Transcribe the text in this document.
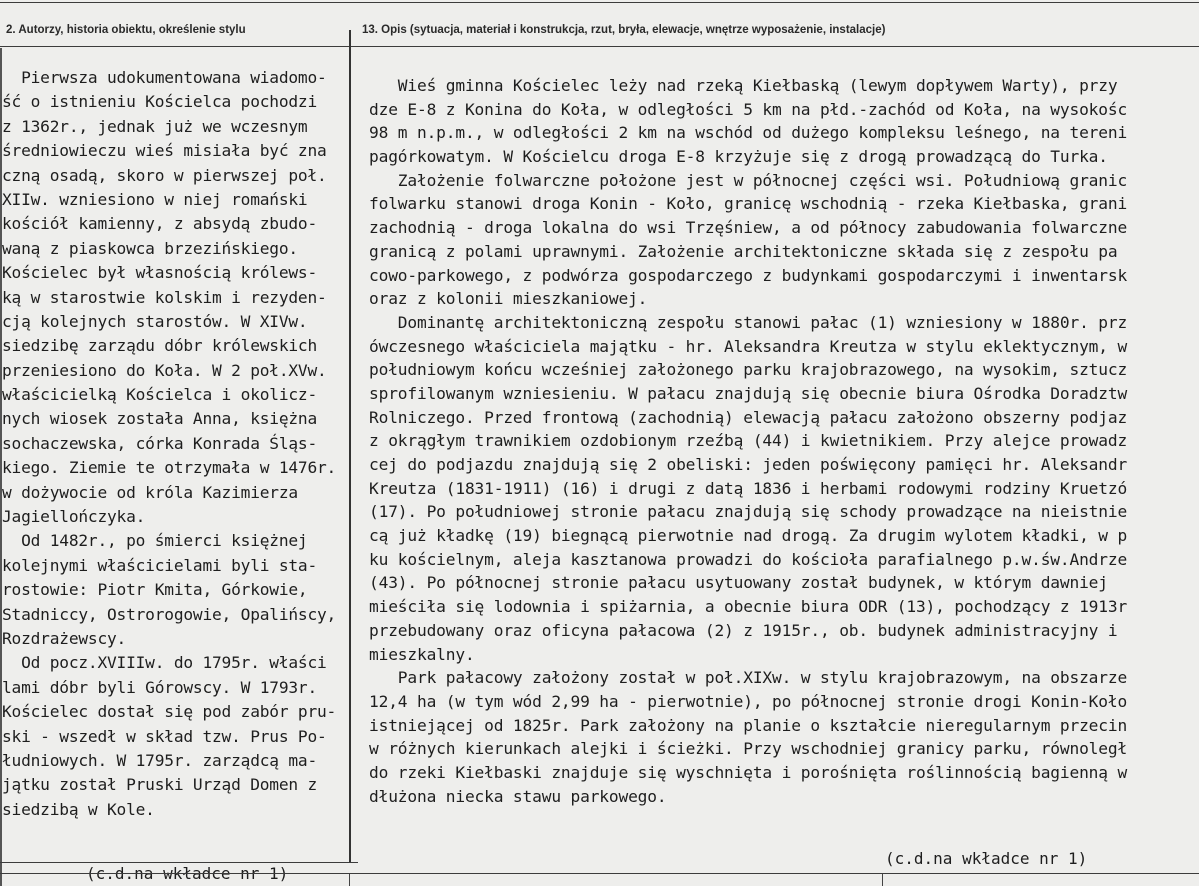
2. Autorzy, historia obiektu, określenie stylu	13. Opis (sytuacja, materiał i konstrukcja, rzut, bryła, elewacje, wnętrze wyposażenie, instalacje)
Pierwsza udokumentowana wiadomo-
ść o istnieniu Kościelca pochodzi
z 1362r., jednak już we wczesnym
średniowieczu wieś misiała być zna
czną osadą, skoro w pierwszej poł.
XIIw. wzniesiono w niej romański
kościół kamienny, z absydą zbudo-
waną z piaskowca brzezińskiego.
Kościelec był własnością królews-
ką w starostwie kolskim i rezyden-
cją kolejnych starostów. W XIVw.
siedzibę zarządu dóbr królewskich
przeniesiono do Koła. W 2 poł.XVw.
właścicielką Kościelca i okolicz-
nych wiosek została Anna, księżna
sochaczewska, córka Konrada Śląs-
kiego. Ziemie te otrzymała w 1476r.
w dożywocie od króla Kazimierza
Jagiellończyka.
Od 1482r., po śmierci księżnej
kolejnymi właścicielami byli sta-
rostowie: Piotr Kmita, Górkowie,
Stadniccy, Ostrorogowie, Opalińscy,
Rozdrażewscy.
Od pocz.XVIIIw. do 1795r. właści
lami dóbr byli Górowscy. W 1793r.
Kościelec dostał się pod zabór pru-
ski - wszedł w skład tzw. Prus Po-
łudniowych. W 1795r. zarządcą ma-
jątku został Pruski Urząd Domen z
siedzibą w Kole.
Wieś gminna Kościelec leży nad rzeką Kiełbaską (lewym dopływem Warty), przy
dze E-8 z Konina do Koła, w odległości 5 km na płd.-zachód od Koła, na wysokośc
98 m n.p.m., w odległości 2 km na wschód od dużego kompleksu leśnego, na tereni
pagórkowatym. W Kościelcu droga E-8 krzyżuje się z drogą prowadzącą do Turka.
Założenie folwarczne położone jest w północnej części wsi. Południową granic
folwarku stanowi droga Konin - Koło, granicę wschodnią - rzeka Kiełbaska, grani
zachodnią - droga lokalna do wsi Trzęśniew, a od północy zabudowania folwarczne
granicą z polami uprawnymi. Założenie architektoniczne składa się z zespołu pa
cowo-parkowego, z podwórza gospodarczego z budynkami gospodarczymi i inwentarsk
oraz z kolonii mieszkaniowej.
Dominantę architektoniczną zespołu stanowi pałac (1) wzniesiony w 1880r. prz
ówczesnego właściciela majątku - hr. Aleksandra Kreutza w stylu eklektycznym, w
południowym końcu wcześniej założonego parku krajobrazowego, na wysokim, sztucz
sprofilowanym wzniesieniu. W pałacu znajdują się obecnie biura Ośrodka Doradztw
Rolniczego. Przed frontową (zachodnią) elewacją pałacu założono obszerny podjaz
z okrągłym trawnikiem ozdobionym rzeźbą (44) i kwietnikiem. Przy alejce prowadz
cej do podjazdu znajdują się 2 obeliski: jeden poświęcony pamięci hr. Aleksandr
Kreutza (1831-1911) (16) i drugi z datą 1836 i herbami rodowymi rodziny Kruetzó
(17). Po południowej stronie pałacu znajdują się schody prowadzące na nieistnie
cą już kładkę (19) biegnącą pierwotnie nad drogą. Za drugim wylotem kładki, w p
ku kościelnym, aleja kasztanowa prowadzi do kościoła parafialnego p.w.św.Andrze
(43). Po północnej stronie pałacu usytuowany został budynek, w którym dawniej
mieściła się lodownia i spiżarnia, a obecnie biura ODR (13), pochodzący z 1913r
przebudowany oraz oficyna pałacowa (2) z 1915r., ob. budynek administracyjny i
mieszkalny.
Park pałacowy założony został w poł.XIXw. w stylu krajobrazowym, na obszarze
12,4 ha (w tym wód 2,99 ha - pierwotnie), po północnej stronie drogi Konin-Koło
istniejącej od 1825r. Park założony na planie o kształcie nieregularnym przecin
w różnych kierunkach alejki i ścieżki. Przy wschodniej granicy parku, równoległ
do rzeki Kiełbaski znajduje się wyschnięta i porośnięta roślinnością bagienną w
dłużona niecka stawu parkowego.
(c.d.na wkładce nr 1)
(c.d.na wkładce nr 1)
